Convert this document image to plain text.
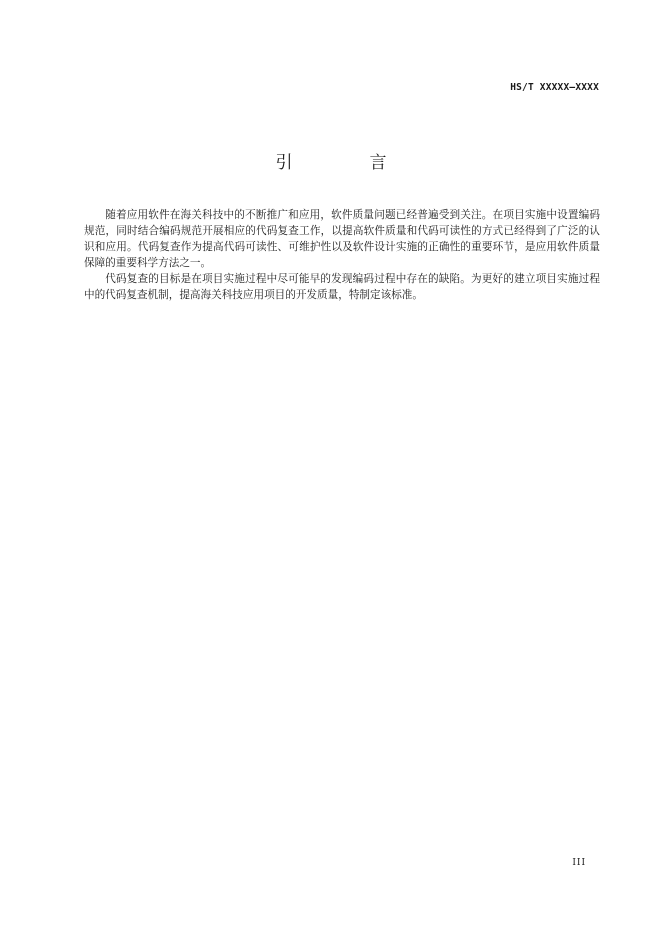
HS/T XXXXX—XXXX
引　言

随着应用软件在海关科技中的不断推广和应用，软件质量问题已经普遍受到关注。在项目实施中设置编码规范，同时结合编码规范开展相应的代码复查工作，以提高软件质量和代码可读性的方式已经得到了广泛的认识和应用。代码复查作为提高代码可读性、可维护性以及软件设计实施的正确性的重要环节，是应用软件质量保障的重要科学方法之一。

代码复查的目标是在项目实施过程中尽可能早的发现编码过程中存在的缺陷。为更好的建立项目实施过程中的代码复查机制，提高海关科技应用项目的开发质量，特制定该标准。

III
